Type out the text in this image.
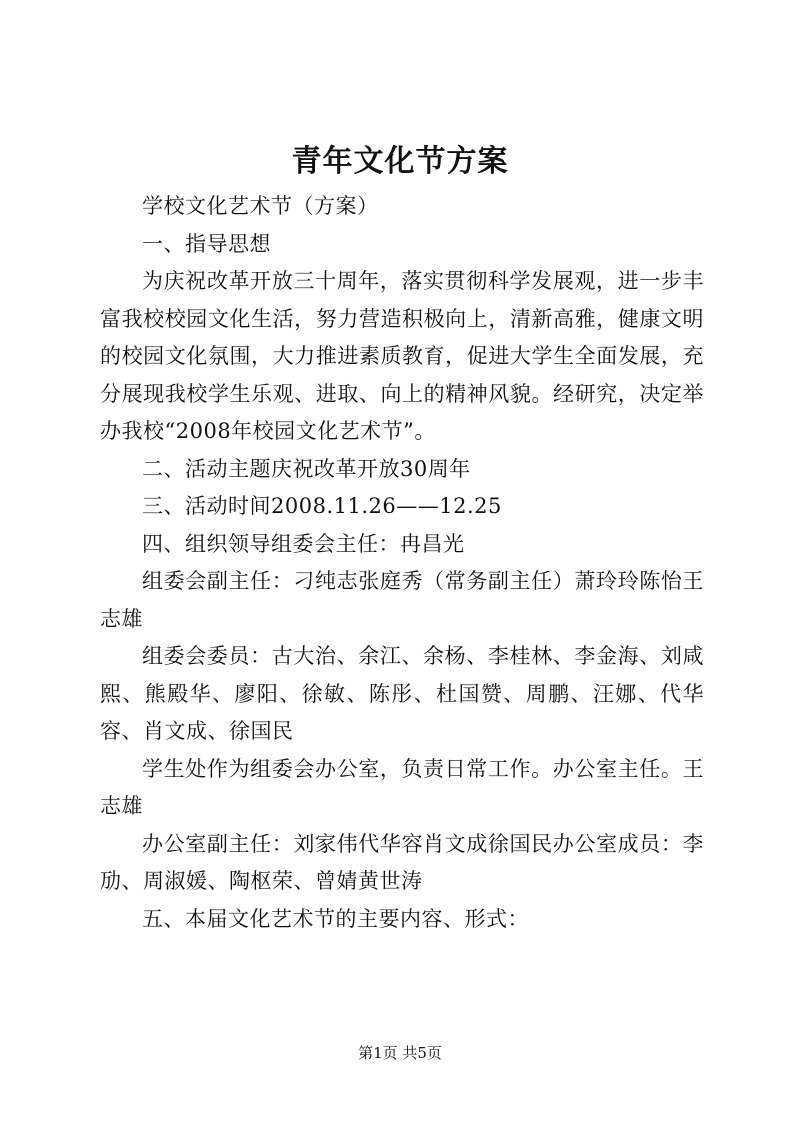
青年文化节方案

学校文化艺术节（方案）

一、指导思想

为庆祝改革开放三十周年，落实贯彻科学发展观，进一步丰富我校校园文化生活，努力营造积极向上，清新高雅，健康文明的校园文化氛围，大力推进素质教育，促进大学生全面发展，充分展现我校学生乐观、进取、向上的精神风貌。经研究，决定举办我校“2008年校园文化艺术节”。

二、活动主题庆祝改革开放30周年

三、活动时间2008.11.26——12.25

四、组织领导组委会主任：冉昌光

组委会副主任：刁纯志张庭秀（常务副主任）萧玲玲陈怡王志雄

组委会委员：古大治、余江、余杨、李桂林、李金海、刘咸熙、熊殿华、廖阳、徐敏、陈彤、杜国赞、周鹏、汪娜、代华容、肖文成、徐国民

学生处作为组委会办公室，负责日常工作。办公室主任。王志雄

办公室副主任：刘家伟代华容肖文成徐国民办公室成员：李劢、周淑媛、陶枢荣、曾婧黄世涛

五、本届文化艺术节的主要内容、形式：

第1页 共5页
